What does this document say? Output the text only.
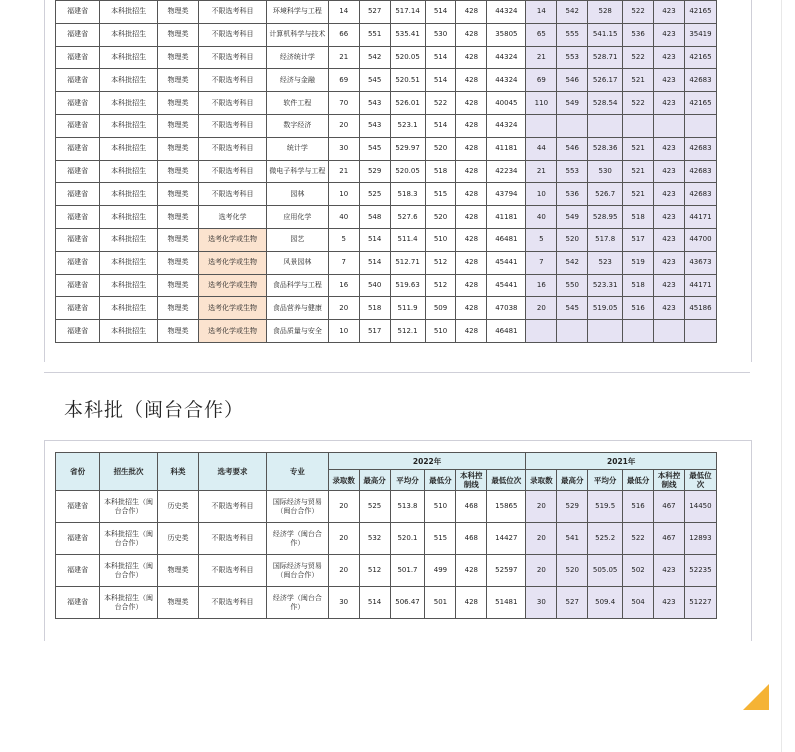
福建省	本科批招生	物理类	不限选考科目	环境科学与工程	14	527	517.14	514	428	44324	14	542	528	522	423	42165
福建省	本科批招生	物理类	不限选考科目	计算机科学与技术	66	551	535.41	530	428	35805	65	555	541.15	536	423	35419
福建省	本科批招生	物理类	不限选考科目	经济统计学	21	542	520.05	514	428	44324	21	553	528.71	522	423	42165
福建省	本科批招生	物理类	不限选考科目	经济与金融	69	545	520.51	514	428	44324	69	546	526.17	521	423	42683
福建省	本科批招生	物理类	不限选考科目	软件工程	70	543	526.01	522	428	40045	110	549	528.54	522	423	42165
福建省	本科批招生	物理类	不限选考科目	数字经济	20	543	523.1	514	428	44324						
福建省	本科批招生	物理类	不限选考科目	统计学	30	545	529.97	520	428	41181	44	546	528.36	521	423	42683
福建省	本科批招生	物理类	不限选考科目	微电子科学与工程	21	529	520.05	518	428	42234	21	553	530	521	423	42683
福建省	本科批招生	物理类	不限选考科目	园林	10	525	518.3	515	428	43794	10	536	526.7	521	423	42683
福建省	本科批招生	物理类	选考化学	应用化学	40	548	527.6	520	428	41181	40	549	528.95	518	423	44171
福建省	本科批招生	物理类	选考化学或生物	园艺	5	514	511.4	510	428	46481	5	520	517.8	517	423	44700
福建省	本科批招生	物理类	选考化学或生物	风景园林	7	514	512.71	512	428	45441	7	542	523	519	423	43673
福建省	本科批招生	物理类	选考化学或生物	食品科学与工程	16	540	519.63	512	428	45441	16	550	523.31	518	423	44171
福建省	本科批招生	物理类	选考化学或生物	食品营养与健康	20	518	511.9	509	428	47038	20	545	519.05	516	423	45186
福建省	本科批招生	物理类	选考化学或生物	食品质量与安全	10	517	512.1	510	428	46481						
本科批（闽台合作）
省份	招生批次	科类	选考要求	专业	2022年						2021年					
					录取数	最高分	平均分	最低分	本科控制线	最低位次	录取数	最高分	平均分	最低分	本科控制线	最低位次
福建省	本科批招生（闽台合作）	历史类	不限选考科目	国际经济与贸易（闽台合作）	20	525	513.8	510	468	15865	20	529	519.5	516	467	14450
福建省	本科批招生（闽台合作）	历史类	不限选考科目	经济学（闽台合作）	20	532	520.1	515	468	14427	20	541	525.2	522	467	12893
福建省	本科批招生（闽台合作）	物理类	不限选考科目	国际经济与贸易（闽台合作）	20	512	501.7	499	428	52597	20	520	505.05	502	423	52235
福建省	本科批招生（闽台合作）	物理类	不限选考科目	经济学（闽台合作）	30	514	506.47	501	428	51481	30	527	509.4	504	423	51227
